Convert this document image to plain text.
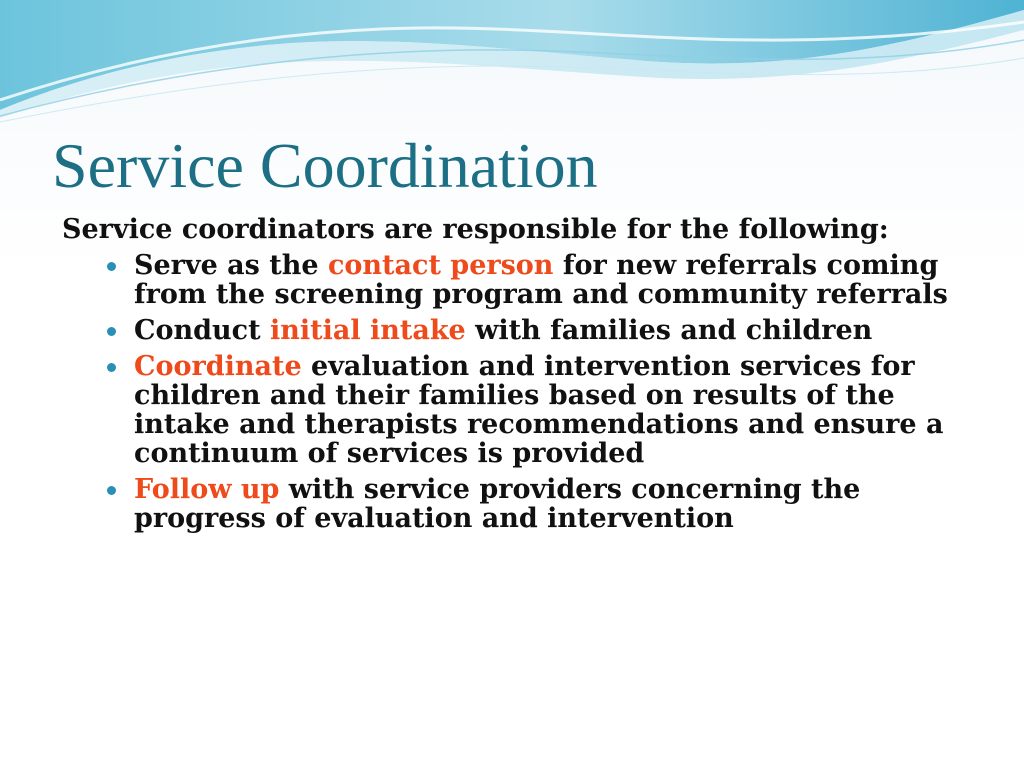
Service Coordination

Service coordinators are responsible for the following:

Serve as the contact person for new referrals coming from the screening program and community referrals
Conduct initial intake with families and children
Coordinate evaluation and intervention services for children and their families based on results of the intake and therapists recommendations and ensure a continuum of services is provided
Follow up with service providers concerning the progress of evaluation and intervention
